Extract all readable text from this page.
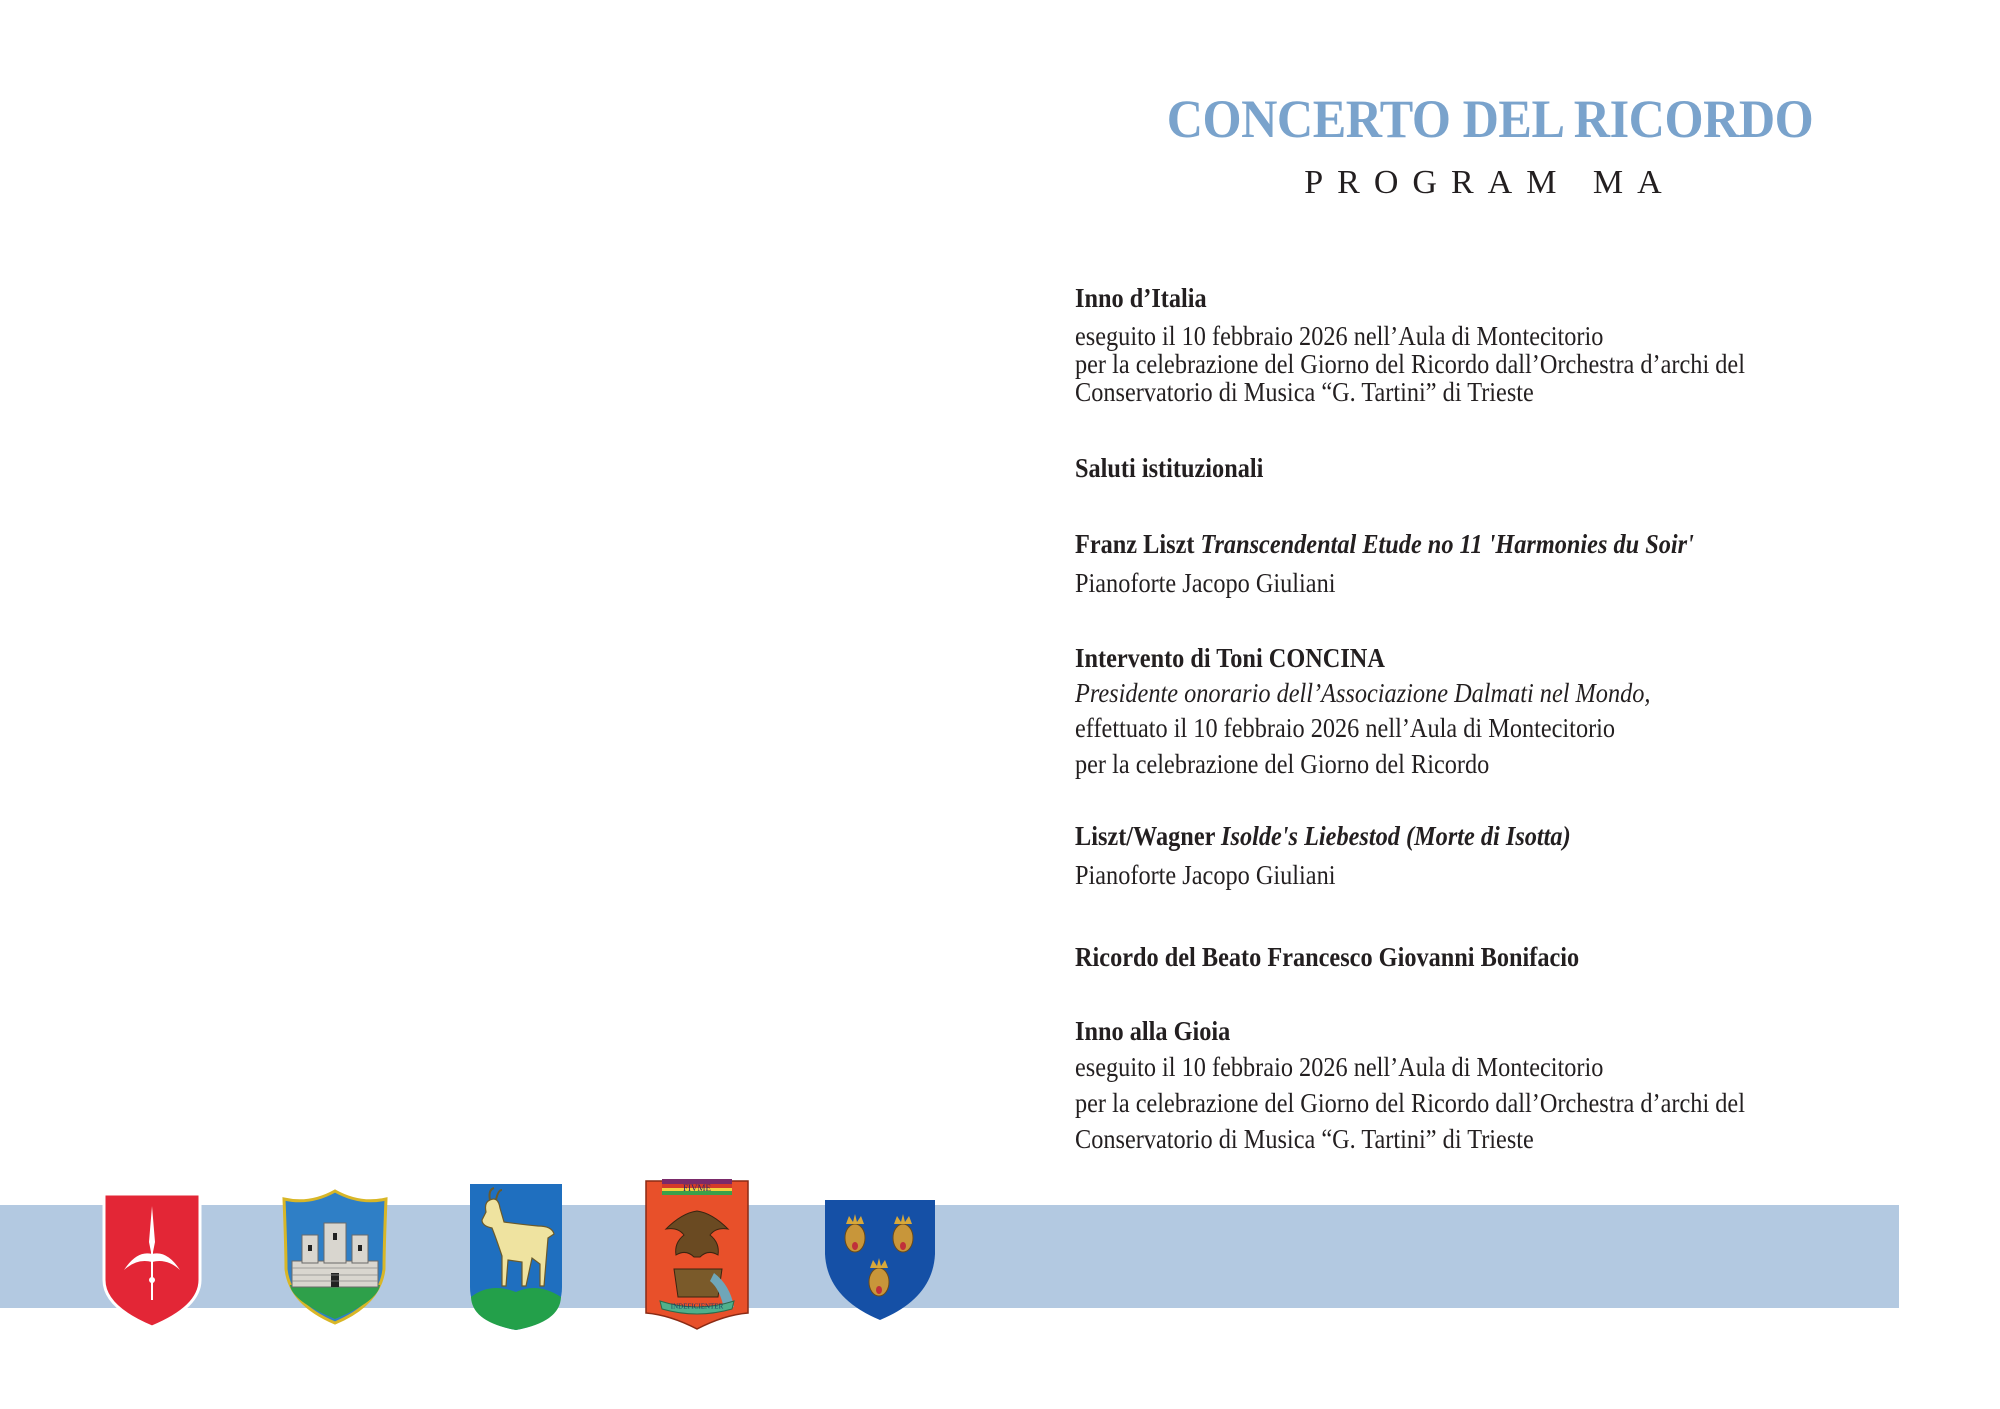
CONCERTO DEL RICORDO
PROGRAM MA
Inno d’Italia
eseguito il 10 febbraio 2026 nell’Aula di Montecitorio
per la celebrazione del Giorno del Ricordo dall’Orchestra d’archi del
Conservatorio di Musica “G. Tartini” di Trieste
Saluti istituzionali
Franz Liszt Transcendental Etude no 11 'Harmonies du Soir'
Pianoforte Jacopo Giuliani
Intervento di Toni CONCINA
Presidente onorario dell’Associazione Dalmati nel Mondo,
effettuato il 10 febbraio 2026 nell’Aula di Montecitorio
per la celebrazione del Giorno del Ricordo
Liszt/Wagner Isolde's Liebestod (Morte di Isotta)
Pianoforte Jacopo Giuliani
Ricordo del Beato Francesco Giovanni Bonifacio
Inno alla Gioia
eseguito il 10 febbraio 2026 nell’Aula di Montecitorio
per la celebrazione del Giorno del Ricordo dall’Orchestra d’archi del
Conservatorio di Musica “G. Tartini” di Trieste
FIVME
INDEFICIENTER
